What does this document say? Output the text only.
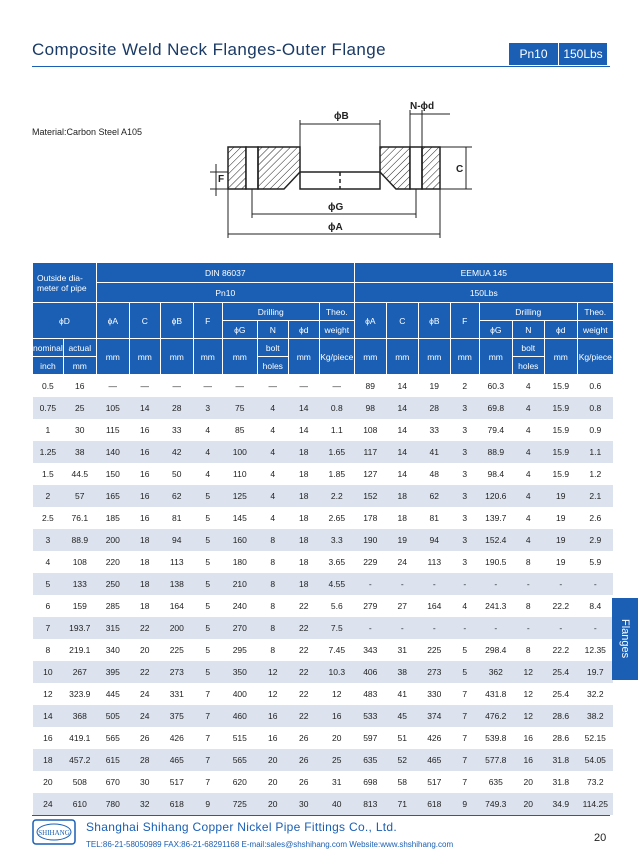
Composite Weld Neck Flanges-Outer Flange	Pn10	150Lbs
Material:Carbon Steel A105
ϕB
N-ϕd
C
F
ϕG
ϕA
Outside dia-meter of pipe		DIN 86037								EEMUA 145							
		Pn10								150Lbs							
ϕD		ϕA	C	ϕB	F	Drilling			Theo.	ϕA	C	ϕB	F	Drilling			Theo.
						ϕG	N	ϕd	weight					ϕG	N	ϕd	weight
nominal	actual	mm	mm	mm	mm	mm	bolt	mm	Kg/piece	mm	mm	mm	mm	mm	bolt	mm	Kg/piece
inch	mm						holes								holes		
0.5	16	—	—	—	—	—	—	—	—	89	14	19	2	60.3	4	15.9	0.6
0.75	25	105	14	28	3	75	4	14	0.8	98	14	28	3	69.8	4	15.9	0.8
1	30	115	16	33	4	85	4	14	1.1	108	14	33	3	79.4	4	15.9	0.9
1.25	38	140	16	42	4	100	4	18	1.65	117	14	41	3	88.9	4	15.9	1.1
1.5	44.5	150	16	50	4	110	4	18	1.85	127	14	48	3	98.4	4	15.9	1.2
2	57	165	16	62	5	125	4	18	2.2	152	18	62	3	120.6	4	19	2.1
2.5	76.1	185	16	81	5	145	4	18	2.65	178	18	81	3	139.7	4	19	2.6
3	88.9	200	18	94	5	160	8	18	3.3	190	19	94	3	152.4	4	19	2.9
4	108	220	18	113	5	180	8	18	3.65	229	24	113	3	190.5	8	19	5.9
5	133	250	18	138	5	210	8	18	4.55	-	-	-	-	-	-	-	-
6	159	285	18	164	5	240	8	22	5.6	279	27	164	4	241.3	8	22.2	8.4
7	193.7	315	22	200	5	270	8	22	7.5	-	-	-	-	-	-	-	-
8	219.1	340	20	225	5	295	8	22	7.45	343	31	225	5	298.4	8	22.2	12.35
10	267	395	22	273	5	350	12	22	10.3	406	38	273	5	362	12	25.4	19.7
12	323.9	445	24	331	7	400	12	22	12	483	41	330	7	431.8	12	25.4	32.2
14	368	505	24	375	7	460	16	22	16	533	45	374	7	476.2	12	28.6	38.2
16	419.1	565	26	426	7	515	16	26	20	597	51	426	7	539.8	16	28.6	52.15
18	457.2	615	28	465	7	565	20	26	25	635	52	465	7	577.8	16	31.8	54.05
20	508	670	30	517	7	620	20	26	31	698	58	517	7	635	20	31.8	73.2
24	610	780	32	618	9	725	20	30	40	813	71	618	9	749.3	20	34.9	114.25
Flanges
SHIHANG Shanghai Shihang Copper Nickel Pipe Fittings Co., Ltd.
TEL:86-21-58050989 FAX:86-21-68291168 E-mail:sales@shshihang.com Website:www.shshihang.com
20
